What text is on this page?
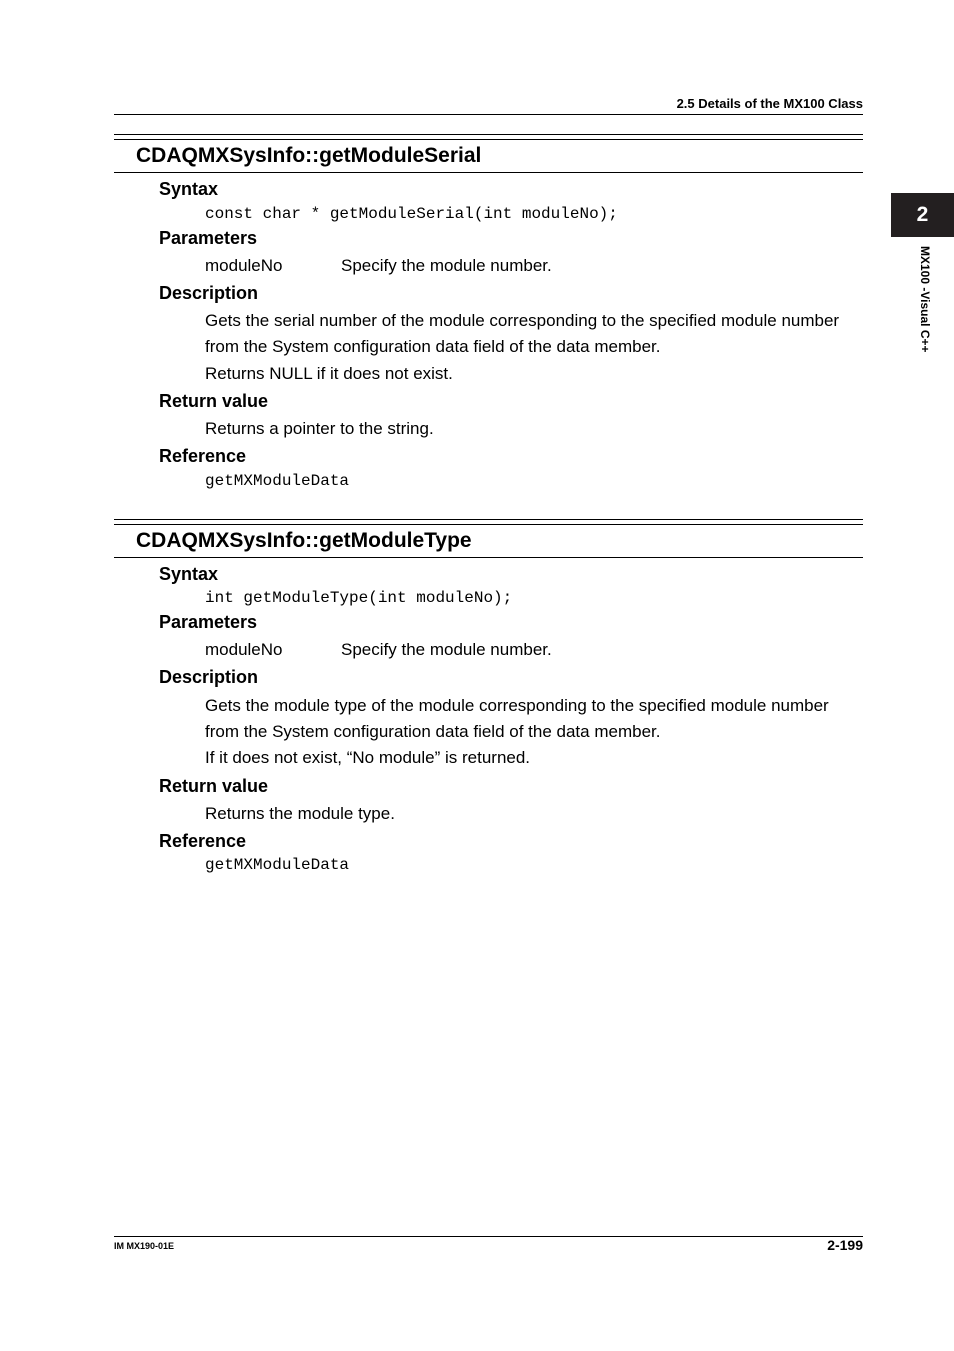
2.5 Details of the MX100 Class
2
MX100 -Visual C++
CDAQMXSysInfo::getModuleSerial
Syntax
const char * getModuleSerial(int moduleNo);
Parameters
moduleNo	Specify the module number.
Description
Gets the serial number of the module corresponding to the specified module number
from the System configuration data field of the data member.
Returns NULL if it does not exist.
Return value
Returns a pointer to the string.
Reference
getMXModuleData
CDAQMXSysInfo::getModuleType
Syntax
int getModuleType(int moduleNo);
Parameters
moduleNo	Specify the module number.
Description
Gets the module type of the module corresponding to the specified module number
from the System configuration data field of the data member.
If it does not exist, “No module” is returned.
Return value
Returns the module type.
Reference
getMXModuleData
IM MX190-01E	2-199
